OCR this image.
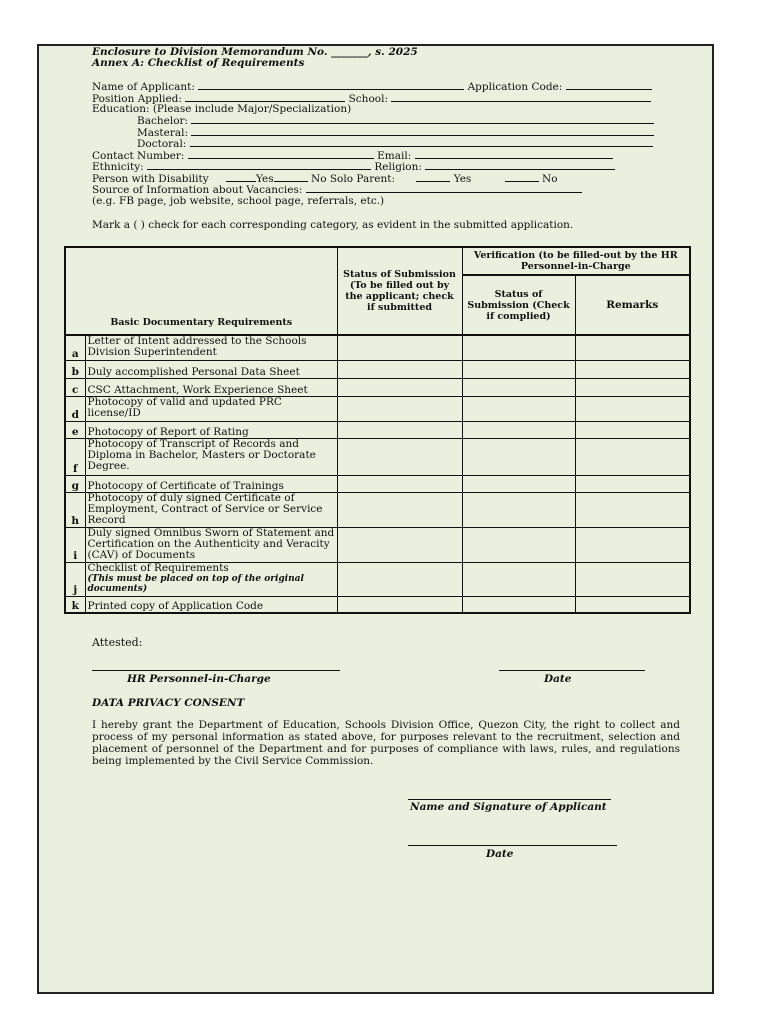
Enclosure to Division Memorandum No. _______, s. 2025
Annex A: Checklist of Requirements
Name of Applicant:	Application Code:
Position Applied:	School:
Education: (Please include Major/Specialization)
Bachelor:
Masteral:
Doctoral:
Contact Number:	Email:
Ethnicity:	Religion:
Person with Disability	Yes	No Solo Parent:	Yes	No
Source of Information about Vacancies:
(e.g. FB page, job website, school page, referrals, etc.)
Mark a ( ) check for each corresponding category, as evident in the submitted application.
Basic Documentary Requirements		Status of Submission (To be filled out by the applicant; check if submitted	Verification (to be filled-out by the HR Personnel-in-Charge	
			Status of Submission (Check if complied)	Remarks
a	Letter of Intent addressed to the Schools Division Superintendent			
b	Duly accomplished Personal Data Sheet			
c	CSC Attachment, Work Experience Sheet			
d	Photocopy of valid and updated PRC license/ID			
e	Photocopy of Report of Rating			
f	Photocopy of Transcript of Records and Diploma in Bachelor, Masters or Doctorate Degree.			
g	Photocopy of Certificate of Trainings			
h	Photocopy of duly signed Certificate of Employment, Contract of Service or Service Record			
i	Duly signed Omnibus Sworn of Statement and Certification on the Authenticity and Veracity (CAV) of Documents			
j	Checklist of Requirements
(This must be placed on top of the original documents)			

k	Printed copy of Application Code			
Attested:
HR Personnel-in-Charge	Date
DATA PRIVACY CONSENT
I hereby grant the Department of Education, Schools Division Office, Quezon City, the right to collect and process of my personal information as stated above, for purposes relevant to the recruitment, selection and placement of personnel of the Department and for purposes of compliance with laws, rules, and regulations being implemented by the Civil Service Commission.
Name and Signature of Applicant
Date
